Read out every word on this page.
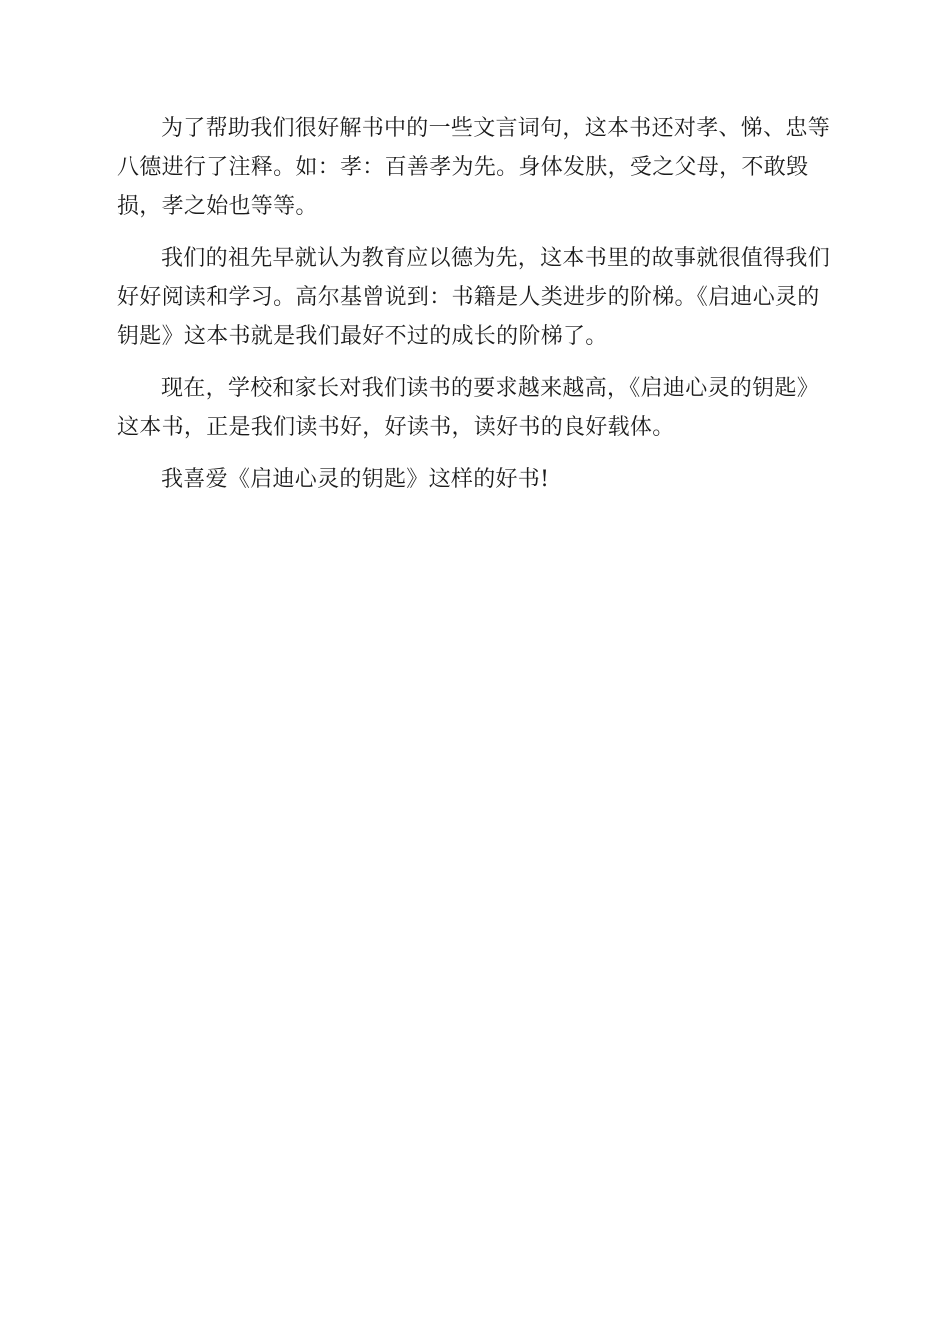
为了帮助我们很好解书中的一些文言词句，这本书还对孝、悌、忠等八德进行了注释。如：孝：百善孝为先。身体发肤，受之父母，不敢毁损，孝之始也等等。

我们的祖先早就认为教育应以德为先，这本书里的故事就很值得我们好好阅读和学习。高尔基曾说到：书籍是人类进步的阶梯。《启迪心灵的钥匙》这本书就是我们最好不过的成长的阶梯了。

现在，学校和家长对我们读书的要求越来越高，《启迪心灵的钥匙》这本书，正是我们读书好，好读书，读好书的良好载体。

我喜爱《启迪心灵的钥匙》这样的好书!
